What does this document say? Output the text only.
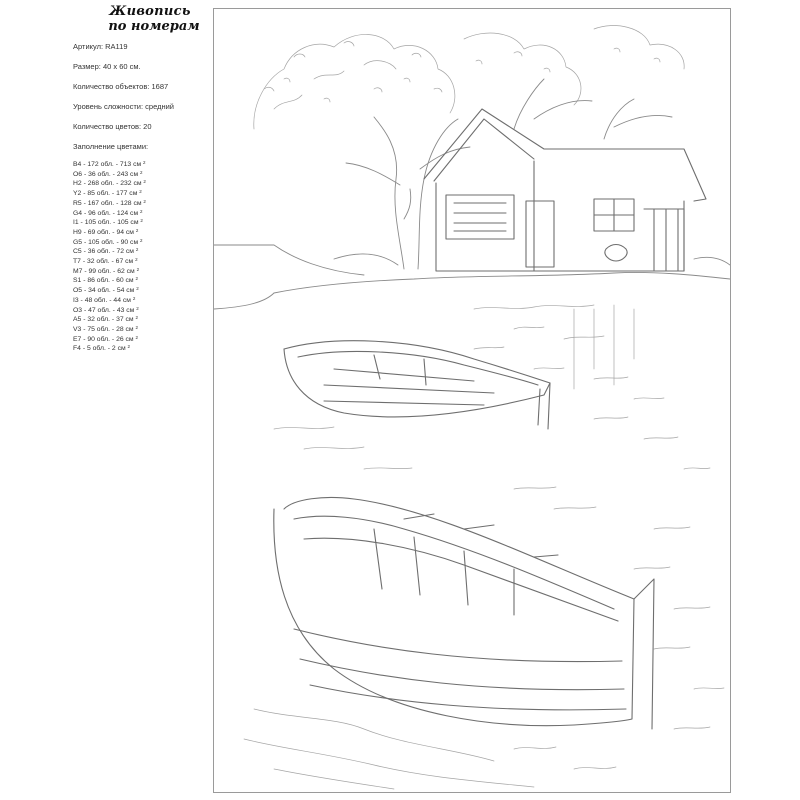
Живопись
по номерам
Артикул: RA119
Размер: 40 х 60 см.
Количество объектов: 1687
Уровень сложности: средний
Количество цветов: 20
Заполнение цветами:
B4 - 172 обл. - 713 см $^2$
O6 - 36 обл. - 243 см $^2$
H2 - 268 обл. - 232 см $^2$
Y2 - 85 обл. - 177 см $^2$
R5 - 167 обл. - 128 см $^2$
G4 - 96 обл. - 124 см $^2$
I1 - 105 обл. - 105 см $^2$
H9 - 69 обл. - 94 см $^2$
G5 - 105 обл. - 90 см $^2$
C5 - 36 обл. - 72 см $^2$
T7 - 32 обл. - 67 см $^2$
M7 - 99 обл. - 62 см $^2$
S1 - 86 обл. - 60 см $^2$
O5 - 34 обл. - 54 см $^2$
I3 - 48 обл. - 44 см $^2$
O3 - 47 обл. - 43 см $^2$
A5 - 32 обл. - 37 см $^2$
V3 - 75 обл. - 28 см $^2$
E7 - 90 обл. - 26 см $^2$
F4 - 5 обл. - 2 см $^2$
